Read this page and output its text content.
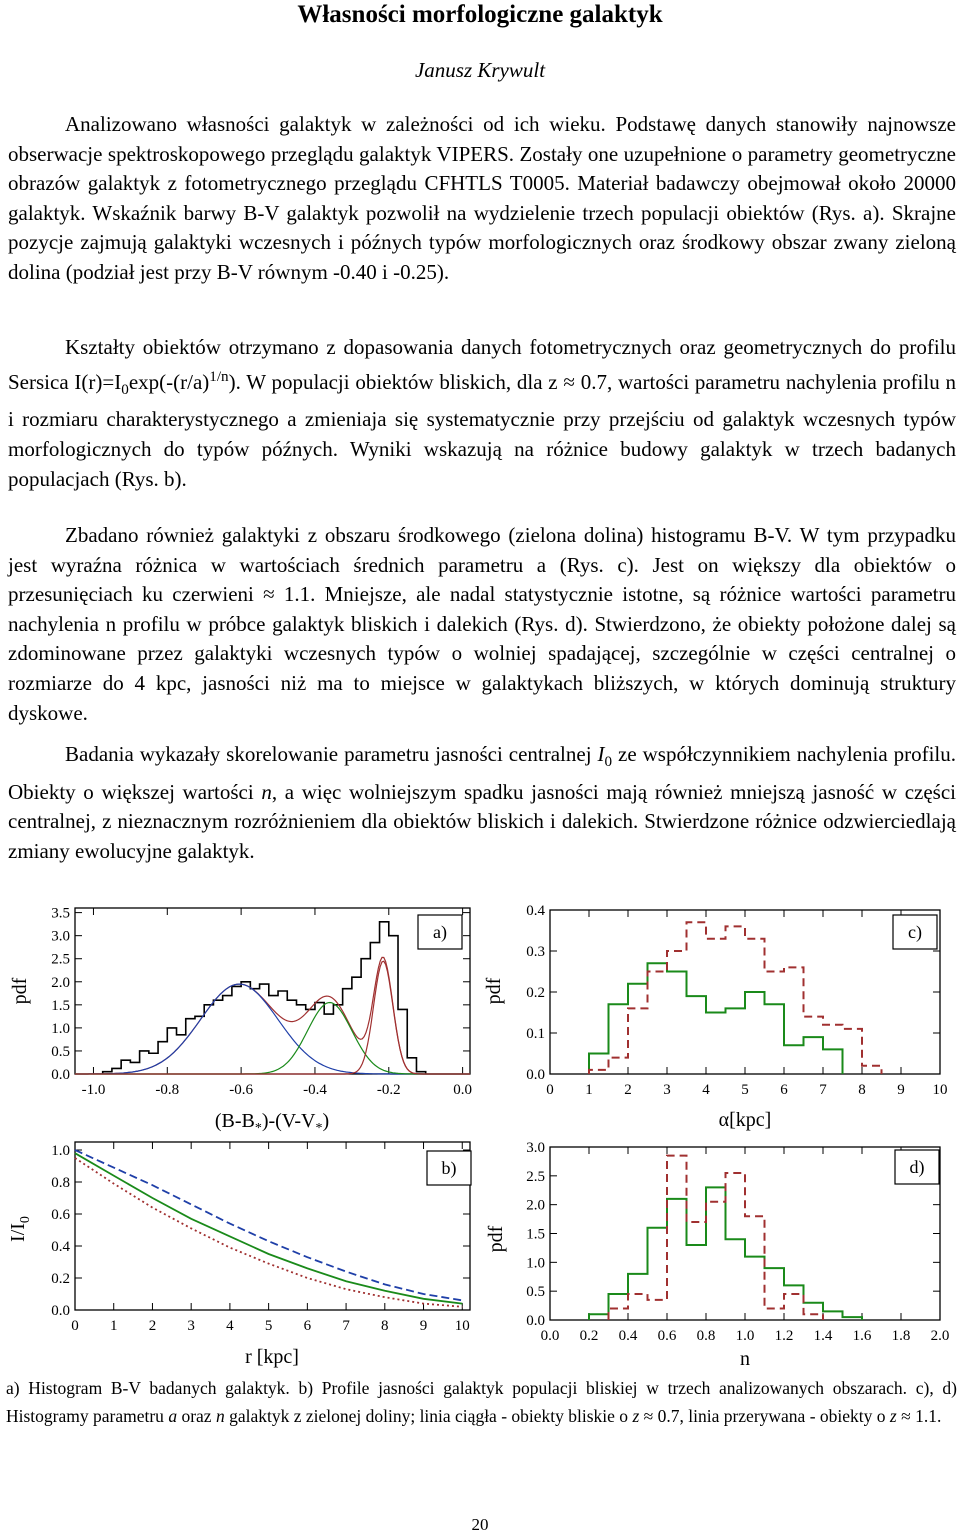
Własności morfologiczne galaktyk
Janusz Krywult

Analizowano własności galaktyk w zależności od ich wieku. Podstawę danych stanowiły najnowsze obserwacje spektroskopowego przeglądu galaktyk VIPERS. Zostały one uzupełnione o parametry geometryczne obrazów galaktyk z fotometrycznego przeglądu CFHTLS T0005. Materiał badawczy obejmował około 20000 galaktyk. Wskaźnik barwy B-V galaktyk pozwolił na wydzielenie trzech populacji obiektów (Rys. a). Skrajne pozycje zajmują galaktyki wczesnych i późnych typów morfologicznych oraz środkowy obszar zwany zieloną dolina (podział jest przy B-V równym -0.40 i -0.25).

Kształty obiektów otrzymano z dopasowania danych fotometrycznych oraz geometrycznych do profilu Sersica $I(r)=I_0\exp(-(r/a)^{1/n})$. W populacji obiektów bliskich, dla z ≈ 0.7, wartości parametru nachylenia profilu n i rozmiaru charakterystycznego a zmieniaja się systematycznie przy przejściu od galaktyk wczesnych typów morfologicznych do typów późnych. Wyniki wskazują na różnice budowy galaktyk w trzech badanych populacjach (Rys. b).

Zbadano również galaktyki z obszaru środkowego (zielona dolina) histogramu B-V. W tym przypadku jest wyraźna różnica w wartościach średnich parametru a (Rys. c). Jest on większy dla obiektów o przesunięciach ku czerwieni ≈ 1.1. Mniejsze, ale nadal statystycznie istotne, są różnice wartości parametru nachylenia n profilu w próbce galaktyk bliskich i dalekich (Rys. d). Stwierdzono, że obiekty położone dalej są zdominowane przez galaktyki wczesnych typów o wolniej spadającej, szczególnie w części centralnej o rozmiarze do 4 kpc, jasności niż ma to miejsce w galaktykach bliższych, w których dominują struktury dyskowe.

Badania wykazały skorelowanie parametru jasności centralnej $I_0$ ze współczynnikiem nachylenia profilu. Obiekty o większej wartości n, a więc wolniejszym spadku jasności mają również mniejszą jasność w części centralnej, z nieznacznym rozróżnieniem dla obiektów bliskich i dalekich. Stwierdzone różnice odzwierciedlają zmiany ewolucyjne galaktyk.

-1.0	-0.8	-0.6	-0.4	-0.2	0.0
0.0
0.5
1.0
1.5
2.0
2.5
3.0
3.5
a)
pdf
$(B-B_*)-(V-V_*)$
0 1 2 3 4 5 6 7 8 9 10
0.0
0.2
0.4
0.6
0.8
1.0
b)
$I/I_0$
r [kpc]
0 1 2 3 4 5 6 7 8 9 10
0.0
0.1
0.2
0.3
0.4
c)
pdf
α[kpc]
0.0 0.2 0.4 0.6 0.8 1.0 1.2 1.4 1.6 1.8 2.0
0.0
0.5
1.0
1.5
2.0
2.5
3.0
d)
pdf
n

a) Histogram B-V badanych galaktyk. b) Profile jasności galaktyk populacji bliskiej w trzech analizowanych obszarach. c), d) Histogramy parametru a oraz n galaktyk z zielonej doliny; linia ciągła - obiekty bliskie o z ≈ 0.7, linia przerywana - obiekty o z ≈ 1.1.

20
